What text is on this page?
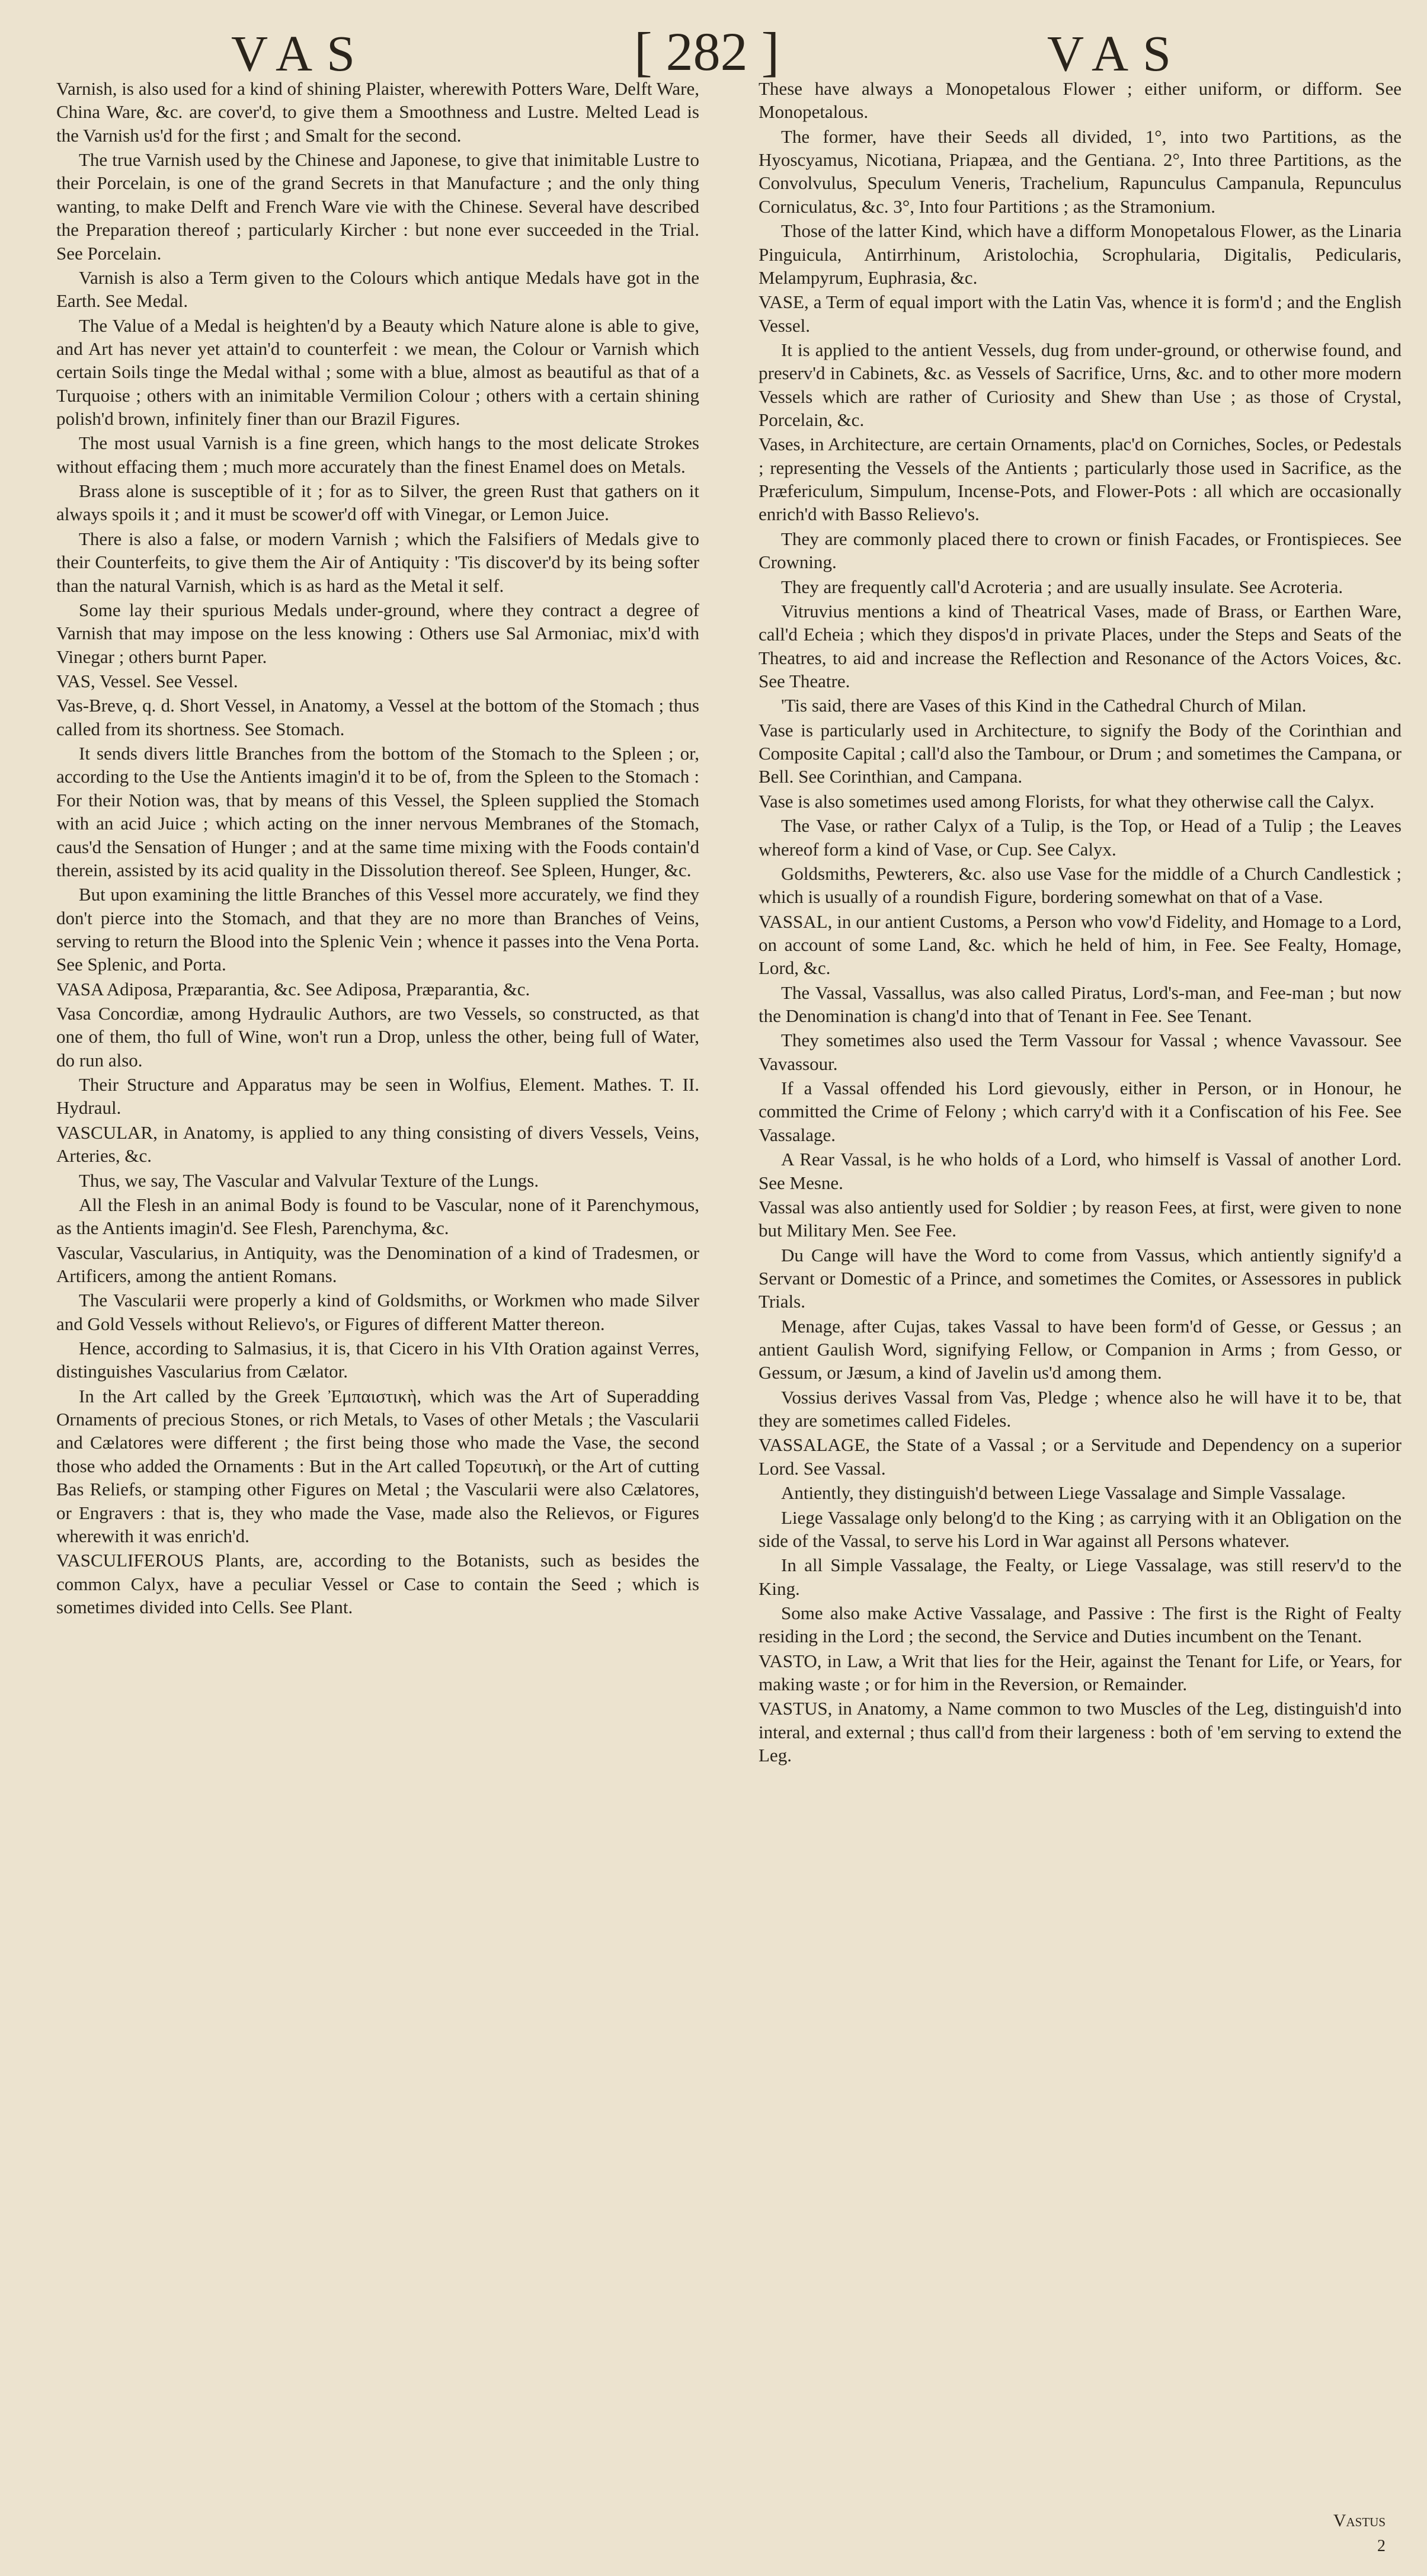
VAS	[ 282 ]	VAS

Varnish, is also used for a kind of shining Plaister, wherewith Potters Ware, Delft Ware, China Ware, &c. are cover'd, to give them a Smoothness and Lustre. Melted Lead is the Varnish us'd for the first ; and Smalt for the second.

The true Varnish used by the Chinese and Japonese, to give that inimitable Lustre to their Porcelain, is one of the grand Secrets in that Manufacture ; and the only thing wanting, to make Delft and French Ware vie with the Chinese. Several have described the Preparation thereof ; particularly Kircher : but none ever succeeded in the Trial. See Porcelain.

Varnish is also a Term given to the Colours which antique Medals have got in the Earth. See Medal.

The Value of a Medal is heighten'd by a Beauty which Nature alone is able to give, and Art has never yet attain'd to counterfeit : we mean, the Colour or Varnish which certain Soils tinge the Medal withal ; some with a blue, almost as beautiful as that of a Turquoise ; others with an inimitable Vermilion Colour ; others with a certain shining polish'd brown, infinitely finer than our Brazil Figures.

The most usual Varnish is a fine green, which hangs to the most delicate Strokes without effacing them ; much more accurately than the finest Enamel does on Metals.

Brass alone is susceptible of it ; for as to Silver, the green Rust that gathers on it always spoils it ; and it must be scower'd off with Vinegar, or Lemon Juice.

There is also a false, or modern Varnish ; which the Falsifiers of Medals give to their Counterfeits, to give them the Air of Antiquity : 'Tis discover'd by its being softer than the natural Varnish, which is as hard as the Metal it self.

Some lay their spurious Medals under-ground, where they contract a degree of Varnish that may impose on the less knowing : Others use Sal Armoniac, mix'd with Vinegar ; others burnt Paper.

VAS, Vessel. See Vessel.

Vas-Breve, q. d. Short Vessel, in Anatomy, a Vessel at the bottom of the Stomach ; thus called from its shortness. See Stomach.

It sends divers little Branches from the bottom of the Stomach to the Spleen ; or, according to the Use the Antients imagin'd it to be of, from the Spleen to the Stomach : For their Notion was, that by means of this Vessel, the Spleen supplied the Stomach with an acid Juice ; which acting on the inner nervous Membranes of the Stomach, caus'd the Sensation of Hunger ; and at the same time mixing with the Foods contain'd therein, assisted by its acid quality in the Dissolution thereof. See Spleen, Hunger, &c.

But upon examining the little Branches of this Vessel more accurately, we find they don't pierce into the Stomach, and that they are no more than Branches of Veins, serving to return the Blood into the Splenic Vein ; whence it passes into the Vena Porta. See Splenic, and Porta.

VASA Adiposa, Præparantia, &c. See Adiposa, Præparantia, &c.

Vasa Concordiæ, among Hydraulic Authors, are two Vessels, so constructed, as that one of them, tho full of Wine, won't run a Drop, unless the other, being full of Water, do run also.

Their Structure and Apparatus may be seen in Wolfius, Element. Mathes. T. II. Hydraul.

VASCULAR, in Anatomy, is applied to any thing consisting of divers Vessels, Veins, Arteries, &c.

Thus, we say, The Vascular and Valvular Texture of the Lungs.

All the Flesh in an animal Body is found to be Vascular, none of it Parenchymous, as the Antients imagin'd. See Flesh, Parenchyma, &c.

Vascular, Vascularius, in Antiquity, was the Denomination of a kind of Tradesmen, or Artificers, among the antient Romans.

The Vascularii were properly a kind of Goldsmiths, or Workmen who made Silver and Gold Vessels without Relievo's, or Figures of different Matter thereon.

Hence, according to Salmasius, it is, that Cicero in his VIth Oration against Verres, distinguishes Vascularius from Cælator.

In the Art called by the Greek Ἐμπαιστικὴ, which was the Art of Superadding Ornaments of precious Stones, or rich Metals, to Vases of other Metals ; the Vascularii and Cælatores were different ; the first being those who made the Vase, the second those who added the Ornaments : But in the Art called Τορευτικὴ, or the Art of cutting Bas Reliefs, or stamping other Figures on Metal ; the Vascularii were also Cælatores, or Engravers : that is, they who made the Vase, made also the Relievos, or Figures wherewith it was enrich'd.

VASCULIFEROUS Plants, are, according to the Botanists, such as besides the common Calyx, have a peculiar Vessel or Case to contain the Seed ; which is sometimes divided into Cells. See Plant.

These have always a Monopetalous Flower ; either uniform, or difform. See Monopetalous.

The former, have their Seeds all divided, 1°, into two Partitions, as the Hyoscyamus, Nicotiana, Priapæa, and the Gentiana. 2°, Into three Partitions, as the Convolvulus, Speculum Veneris, Trachelium, Rapunculus Campanula, Repunculus Corniculatus, &c. 3°, Into four Partitions ; as the Stramonium.

Those of the latter Kind, which have a difform Monopetalous Flower, as the Linaria Pinguicula, Antirrhinum, Aristolochia, Scrophularia, Digitalis, Pedicularis, Melampyrum, Euphrasia, &c.

VASE, a Term of equal import with the Latin Vas, whence it is form'd ; and the English Vessel.

It is applied to the antient Vessels, dug from under-ground, or otherwise found, and preserv'd in Cabinets, &c. as Vessels of Sacrifice, Urns, &c. and to other more modern Vessels which are rather of Curiosity and Shew than Use ; as those of Crystal, Porcelain, &c.

Vases, in Architecture, are certain Ornaments, plac'd on Corniches, Socles, or Pedestals ; representing the Vessels of the Antients ; particularly those used in Sacrifice, as the Præfericulum, Simpulum, Incense-Pots, and Flower-Pots : all which are occasionally enrich'd with Basso Relievo's.

They are commonly placed there to crown or finish Facades, or Frontispieces. See Crowning.

They are frequently call'd Acroteria ; and are usually insulate. See Acroteria.

Vitruvius mentions a kind of Theatrical Vases, made of Brass, or Earthen Ware, call'd Echeia ; which they dispos'd in private Places, under the Steps and Seats of the Theatres, to aid and increase the Reflection and Resonance of the Actors Voices, &c. See Theatre.

'Tis said, there are Vases of this Kind in the Cathedral Church of Milan.

Vase is particularly used in Architecture, to signify the Body of the Corinthian and Composite Capital ; call'd also the Tambour, or Drum ; and sometimes the Campana, or Bell. See Corinthian, and Campana.

Vase is also sometimes used among Florists, for what they otherwise call the Calyx.

The Vase, or rather Calyx of a Tulip, is the Top, or Head of a Tulip ; the Leaves whereof form a kind of Vase, or Cup. See Calyx.

Goldsmiths, Pewterers, &c. also use Vase for the middle of a Church Candlestick ; which is usually of a roundish Figure, bordering somewhat on that of a Vase.

VASSAL, in our antient Customs, a Person who vow'd Fidelity, and Homage to a Lord, on account of some Land, &c. which he held of him, in Fee. See Fealty, Homage, Lord, &c.

The Vassal, Vassallus, was also called Piratus, Lord's-man, and Fee-man ; but now the Denomination is chang'd into that of Tenant in Fee. See Tenant.

They sometimes also used the Term Vassour for Vassal ; whence Vavassour. See Vavassour.

If a Vassal offended his Lord gievously, either in Person, or in Honour, he committed the Crime of Felony ; which carry'd with it a Confiscation of his Fee. See Vassalage.

A Rear Vassal, is he who holds of a Lord, who himself is Vassal of another Lord. See Mesne.

Vassal was also antiently used for Soldier ; by reason Fees, at first, were given to none but Military Men. See Fee.

Du Cange will have the Word to come from Vassus, which antiently signify'd a Servant or Domestic of a Prince, and sometimes the Comites, or Assessores in publick Trials.

Menage, after Cujas, takes Vassal to have been form'd of Gesse, or Gessus ; an antient Gaulish Word, signifying Fellow, or Companion in Arms ; from Gesso, or Gessum, or Jæsum, a kind of Javelin us'd among them.

Vossius derives Vassal from Vas, Pledge ; whence also he will have it to be, that they are sometimes called Fideles.

VASSALAGE, the State of a Vassal ; or a Servitude and Dependency on a superior Lord. See Vassal.

Antiently, they distinguish'd between Liege Vassalage and Simple Vassalage.

Liege Vassalage only belong'd to the King ; as carrying with it an Obligation on the side of the Vassal, to serve his Lord in War against all Persons whatever.

In all Simple Vassalage, the Fealty, or Liege Vassalage, was still reserv'd to the King.

Some also make Active Vassalage, and Passive : The first is the Right of Fealty residing in the Lord ; the second, the Service and Duties incumbent on the Tenant.

VASTO, in Law, a Writ that lies for the Heir, against the Tenant for Life, or Years, for making waste ; or for him in the Reversion, or Remainder.

VASTUS, in Anatomy, a Name common to two Muscles of the Leg, distinguish'd into interal, and external ; thus call'd from their largeness : both of 'em serving to extend the Leg.

Vastus
2
